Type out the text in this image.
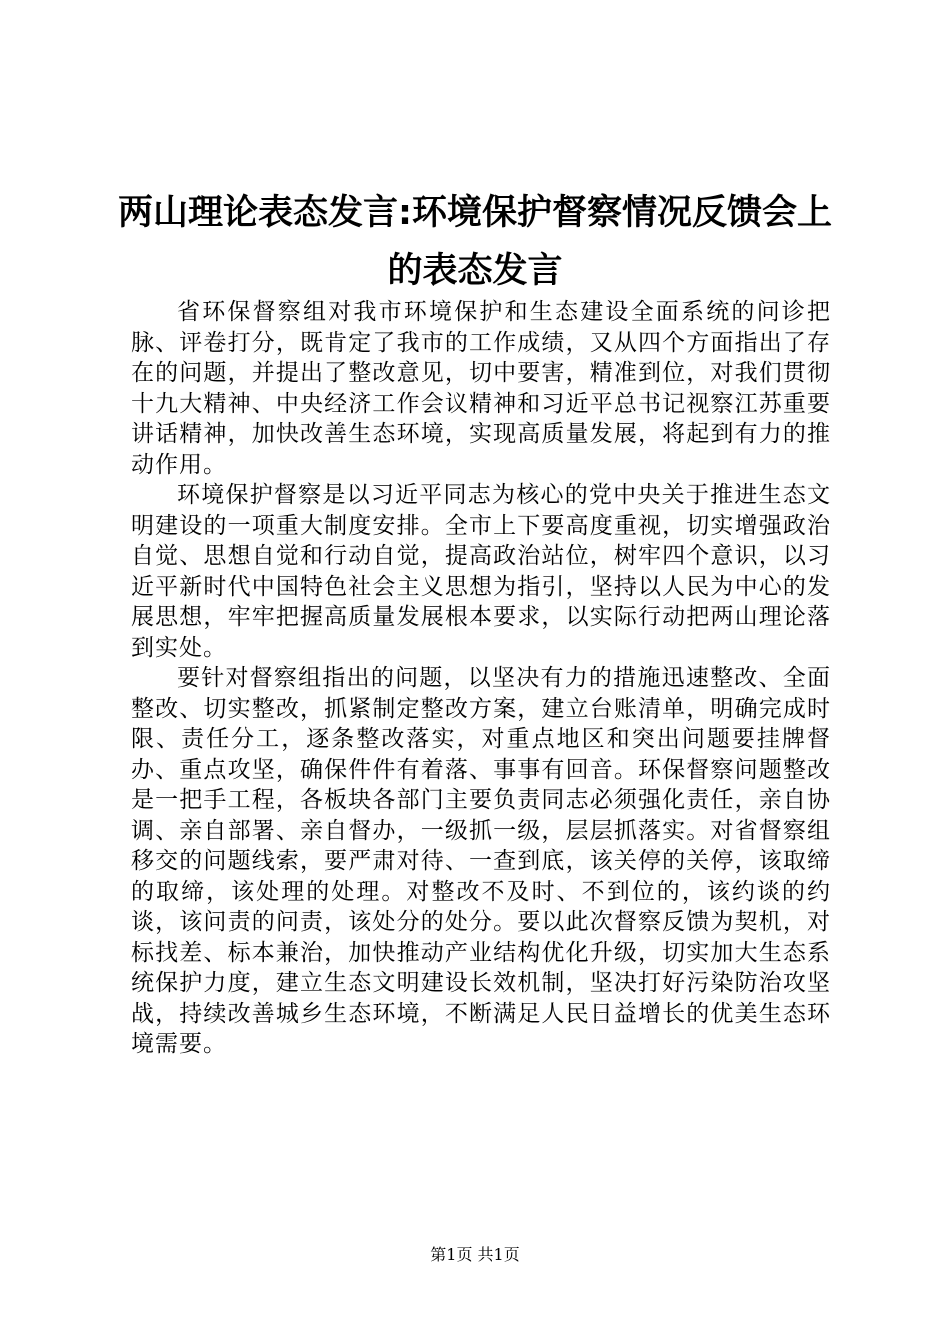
两山理论表态发言:环境保护督察情况反馈会上的表态发言

省环保督察组对我市环境保护和生态建设全面系统的问诊把脉、评卷打分，既肯定了我市的工作成绩，又从四个方面指出了存在的问题，并提出了整改意见，切中要害，精准到位，对我们贯彻十九大精神、中央经济工作会议精神和习近平总书记视察江苏重要讲话精神，加快改善生态环境，实现高质量发展，将起到有力的推动作用。

环境保护督察是以习近平同志为核心的党中央关于推进生态文明建设的一项重大制度安排。全市上下要高度重视，切实增强政治自觉、思想自觉和行动自觉，提高政治站位，树牢四个意识，以习近平新时代中国特色社会主义思想为指引，坚持以人民为中心的发展思想，牢牢把握高质量发展根本要求，以实际行动把两山理论落到实处。

要针对督察组指出的问题，以坚决有力的措施迅速整改、全面整改、切实整改，抓紧制定整改方案，建立台账清单，明确完成时限、责任分工，逐条整改落实，对重点地区和突出问题要挂牌督办、重点攻坚，确保件件有着落、事事有回音。环保督察问题整改是一把手工程，各板块各部门主要负责同志必须强化责任，亲自协调、亲自部署、亲自督办，一级抓一级，层层抓落实。对省督察组移交的问题线索，要严肃对待、一查到底，该关停的关停，该取缔的取缔，该处理的处理。对整改不及时、不到位的，该约谈的约谈，该问责的问责，该处分的处分。要以此次督察反馈为契机，对标找差、标本兼治，加快推动产业结构优化升级，切实加大生态系统保护力度，建立生态文明建设长效机制，坚决打好污染防治攻坚战，持续改善城乡生态环境，不断满足人民日益增长的优美生态环境需要。

第1页 共1页
